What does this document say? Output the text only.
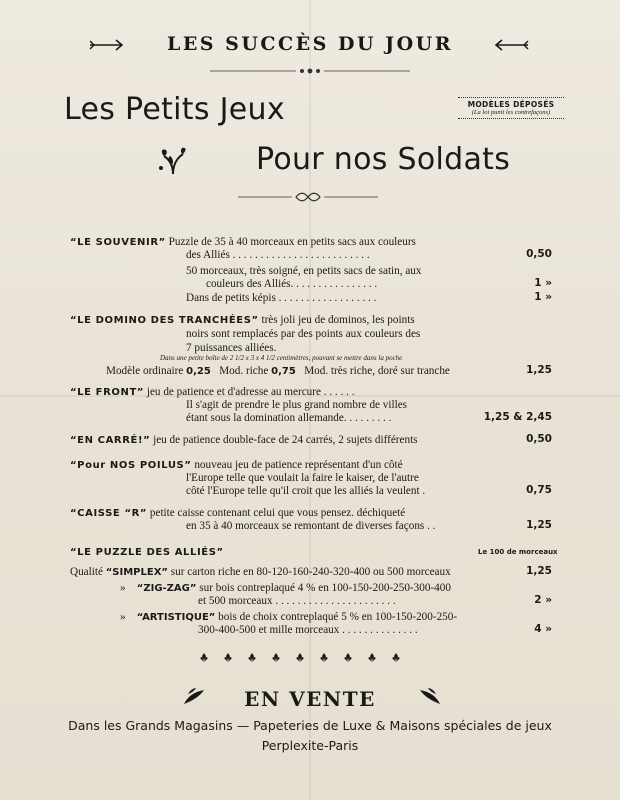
LES SUCCÈS DU JOUR
Les Petits Jeux	MODÈLES DÉPOSÉS
(La loi punit les contrefaçons)
Pour nos Soldats
“LE SOUVENIR” Puzzle de 35 à 40 morceaux en petits sacs aux couleurs
des Alliés . . . . . . . . . . . . . . . . . . . . . . . . .	0,50
50 morceaux, très soigné, en petits sacs de satin, aux
couleurs des Alliés. . . . . . . . . . . . . . . .	1 »
Dans de petits képis . . . . . . . . . . . . . . . . . .	1 »
“LE DOMINO DES TRANCHÉES” très joli jeu de dominos, les points
noirs sont remplacés par des points aux couleurs des
7 puissances alliées.
Dans une petite boîte de 2 1/2 x 3 x 4 1/2 centimètres, pouvant se mettre dans la poche
Modèle ordinaire 0,25 Mod. riche 0,75 Mod. très riche, doré sur tranche	1,25
“LE FRONT” jeu de patience et d'adresse au mercure . . . . . .
Il s'agit de prendre le plus grand nombre de villes
étant sous la domination allemande. . . . . . . . .	1,25 & 2,45
“EN CARRÉ!” jeu de patience double-face de 24 carrés, 2 sujets différents	0,50
“Pour NOS POILUS” nouveau jeu de patience représentant d'un côté
l'Europe telle que voulait la faire le kaiser, de l'autre
côté l'Europe telle qu'il croit que les alliés la veulent .	0,75
“CAISSE “R” petite caisse contenant celui que vous pensez. déchiqueté
en 35 à 40 morceaux se remontant de diverses façons . .	1,25
“LE PUZZLE DES ALLIÉS”	Le 100 de morceaux
Qualité “SIMPLEX” sur carton riche en 80-120-160-240-320-400 ou 500 morceaux	1,25
» “ZIG-ZAG” sur bois contreplaqué 4 % en 100-150-200-250-300-400
et 500 morceaux . . . . . . . . . . . . . . . . . . . . . .	2 »
» “ARTISTIQUE” bois de choix contreplaqué 5 % en 100-150-200-250-
300-400-500 et mille morceaux . . . . . . . . . . . . . .	4 »
EN VENTE
Dans les Grands Magasins — Papeteries de Luxe & Maisons spéciales de jeux
Perplexite-Paris
